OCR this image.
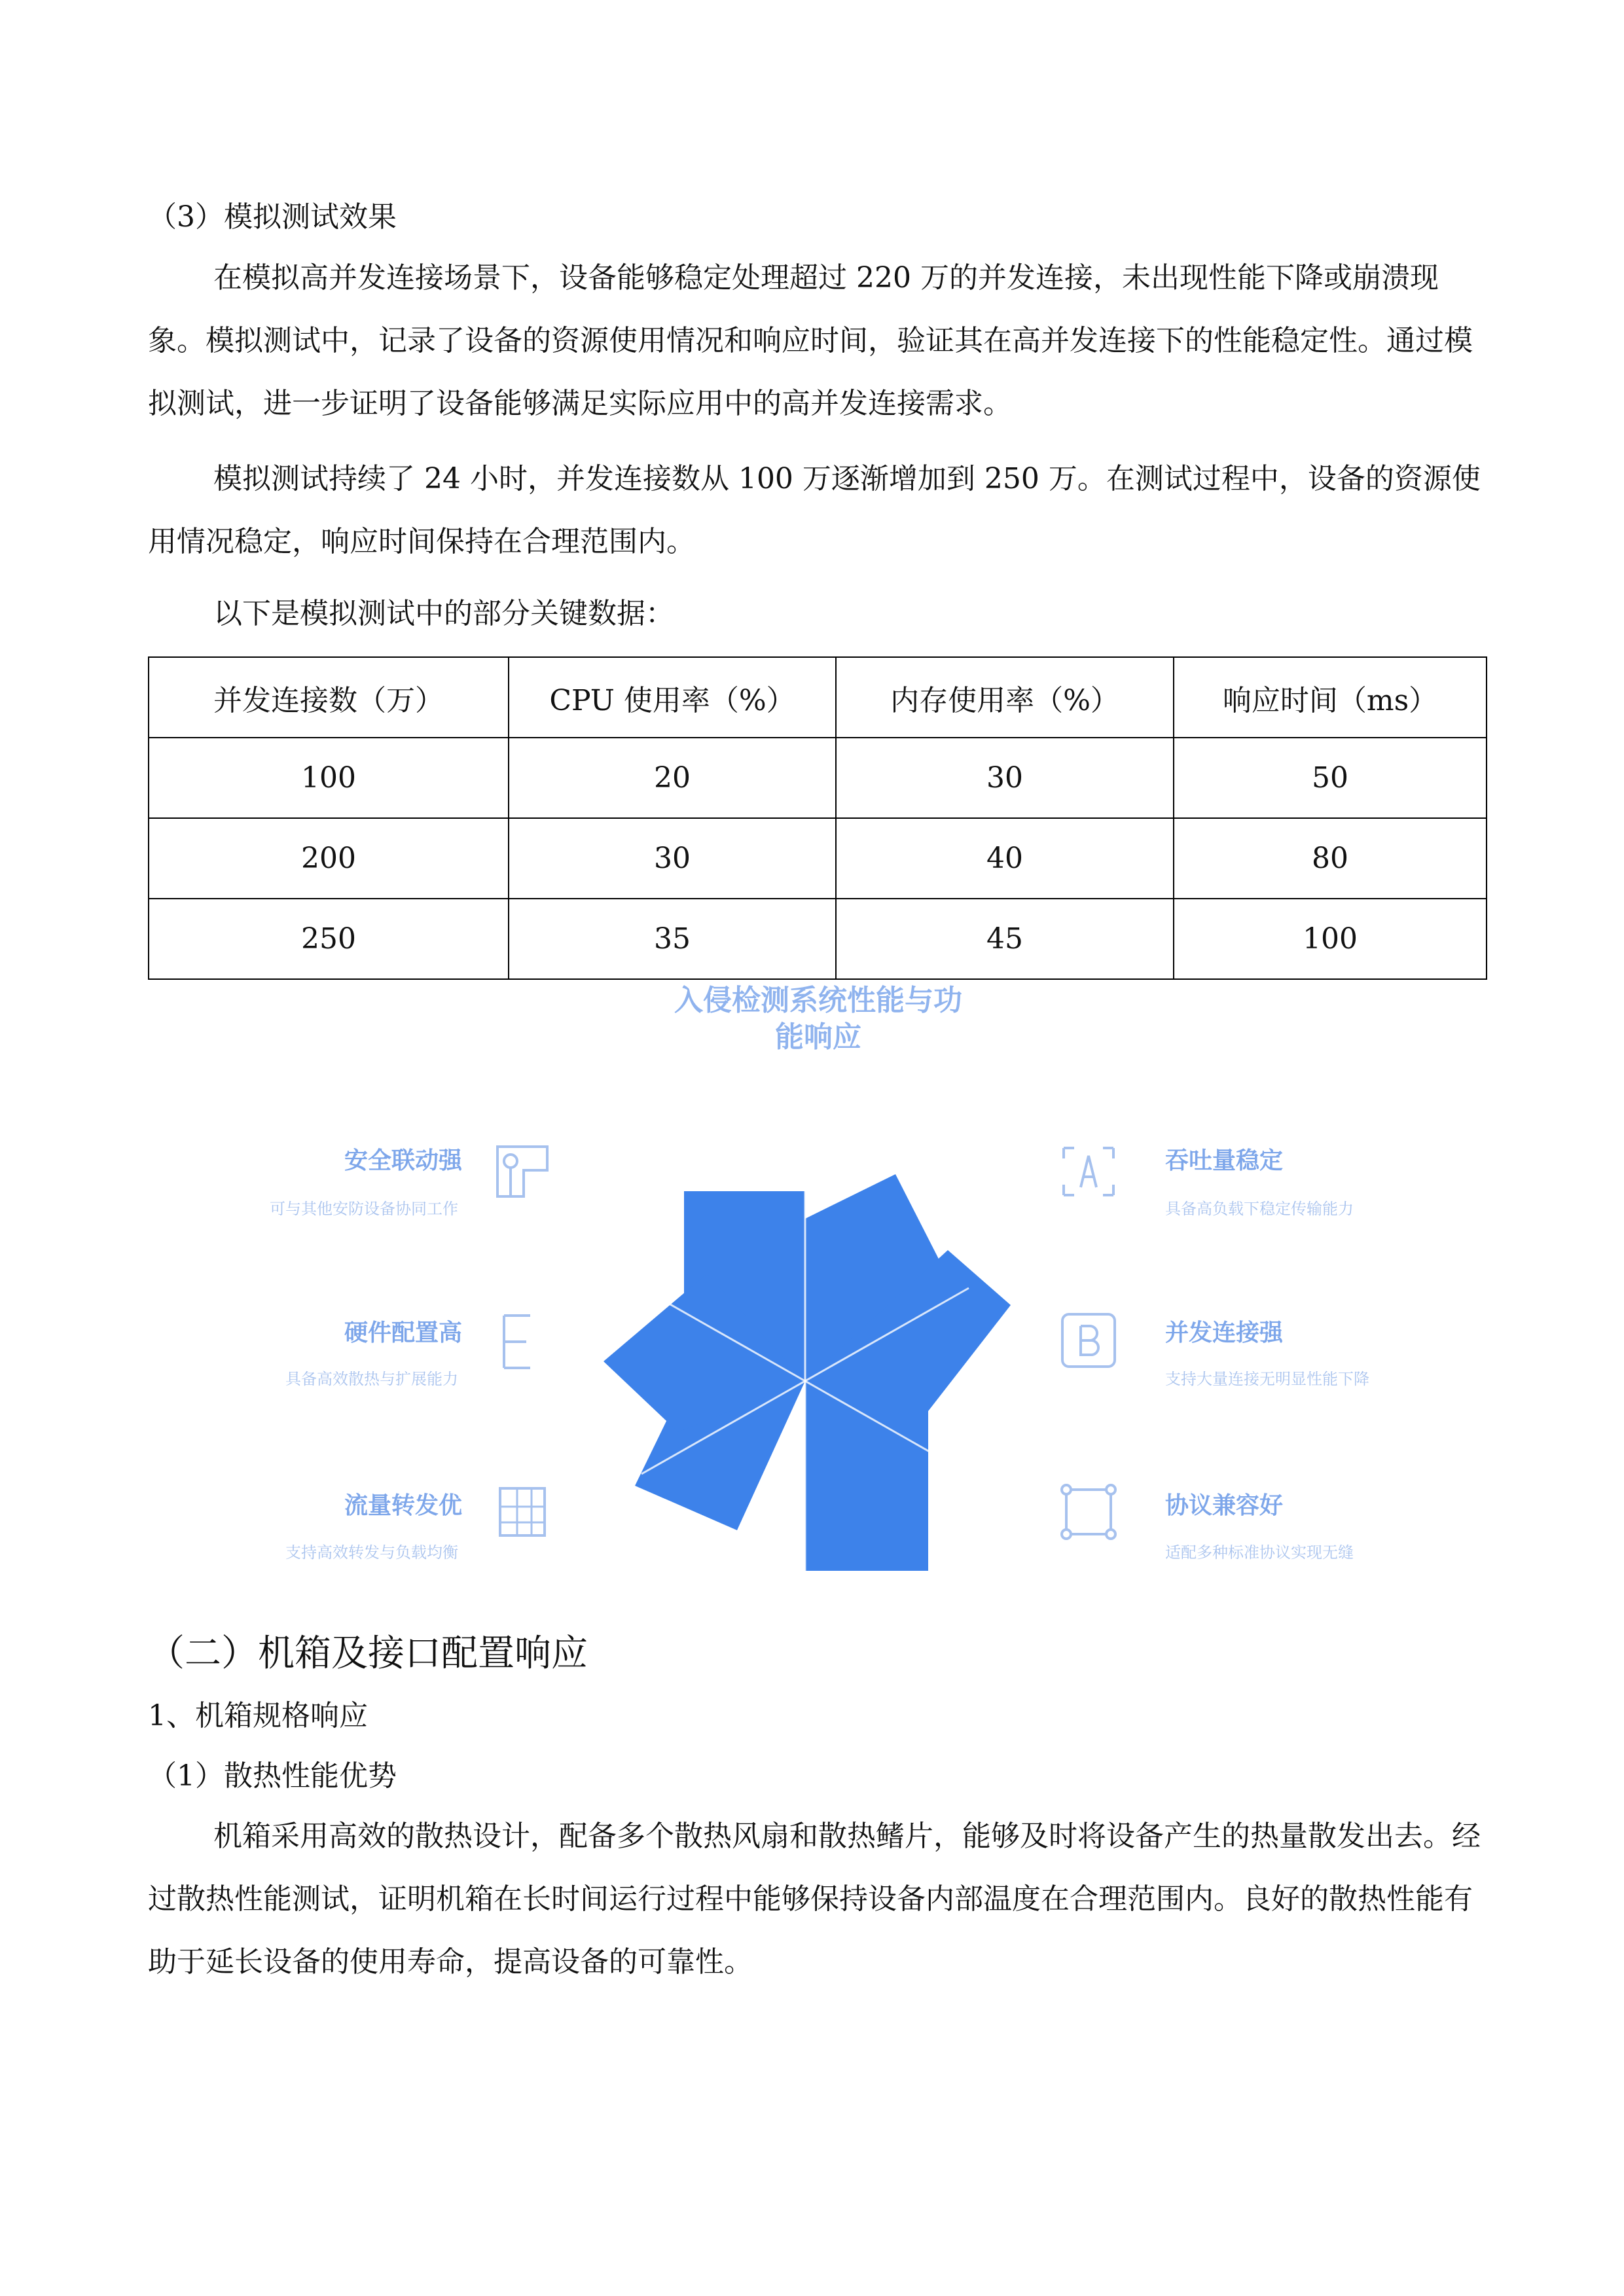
（3）模拟测试效果

在模拟高并发连接场景下，设备能够稳定处理超过 220 万的并发连接，未出现性能下降或崩溃现象。模拟测试中，记录了设备的资源使用情况和响应时间，验证其在高并发连接下的性能稳定性。通过模拟测试，进一步证明了设备能够满足实际应用中的高并发连接需求。

模拟测试持续了 24 小时，并发连接数从 100 万逐渐增加到 250 万。在测试过程中，设备的资源使用情况稳定，响应时间保持在合理范围内。

以下是模拟测试中的部分关键数据：

并发连接数（万）	CPU 使用率（%）	内存使用率（%）	响应时间（ms）
100	20	30	50
200	30	40	80
250	35	45	100
入侵检测系统性能与功
能响应
安全联动强
可与其他安防设备协同工作
硬件配置高
具备高效散热与扩展能力
流量转发优
支持高效转发与负载均衡
吞吐量稳定
具备高负载下稳定传输能力
并发连接强
支持大量连接无明显性能下降
协议兼容好
适配多种标准协议实现无缝

（二）机箱及接口配置响应

1、机箱规格响应

（1）散热性能优势

机箱采用高效的散热设计，配备多个散热风扇和散热鳍片，能够及时将设备产生的热量散发出去。经过散热性能测试，证明机箱在长时间运行过程中能够保持设备内部温度在合理范围内。良好的散热性能有助于延长设备的使用寿命，提高设备的可靠性。
